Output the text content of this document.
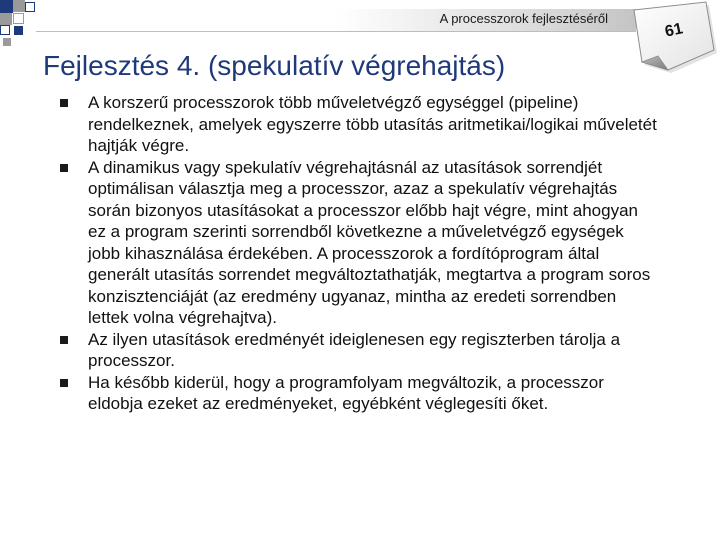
A processzorok fejlesztéséről
61
Fejlesztés 4. (spekulatív végrehajtás)
A korszerű processzorok több műveletvégző egységgel (pipeline) rendelkeznek, amelyek egyszerre több utasítás aritmetikai/logikai műveletét hajtják végre.
A dinamikus vagy spekulatív végrehajtásnál az utasítások sorrendjét optimálisan választja meg a processzor, azaz a spekulatív végrehajtás során bizonyos utasításokat a processzor előbb hajt végre, mint ahogyan ez a program szerinti sorrendből következne a műveletvégző egységek jobb kihasználása érdekében. A processzorok a fordítóprogram által generált utasítás sorrendet megváltoztathatják, megtartva a program soros konzisztenciáját (az eredmény ugyanaz, mintha az eredeti sorrendben lettek volna végrehajtva).
Az ilyen utasítások eredményét ideiglenesen egy regiszterben tárolja a processzor.
Ha később kiderül, hogy a programfolyam megváltozik, a processzor eldobja ezeket az eredményeket, egyébként véglegesíti őket.
